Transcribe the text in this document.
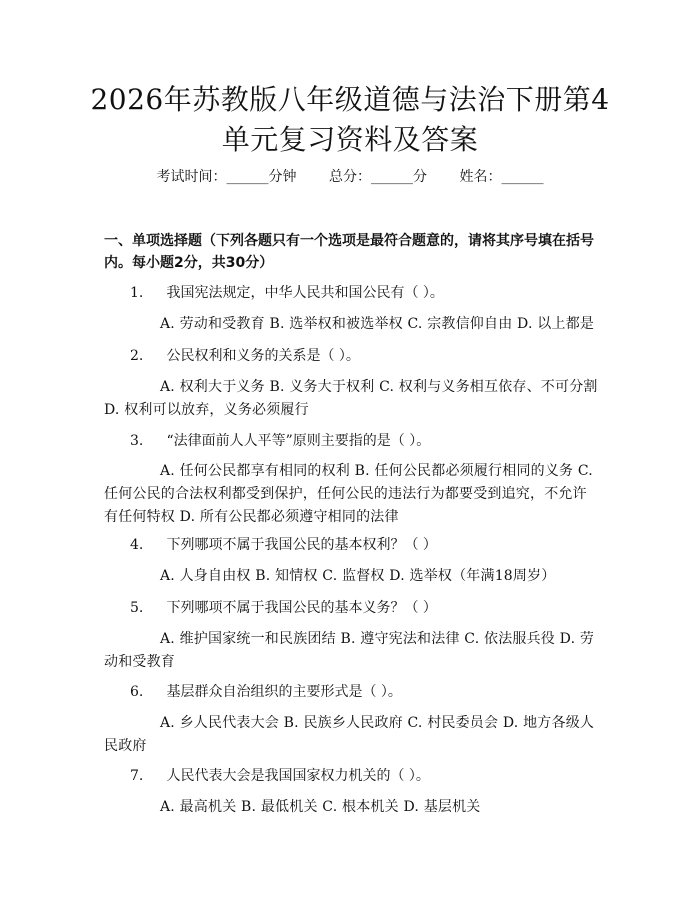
2026年苏教版八年级道德与法治下册第4单元复习资料及答案
考试时间：______分钟 总分：______分 姓名：______
一、单项选择题（下列各题只有一个选项是最符合题意的，请将其序号填在括号内。每小题2分，共30分）
1. 我国宪法规定，中华人民共和国公民有（ ）。
A. 劳动和受教育 B. 选举权和被选举权 C. 宗教信仰自由 D. 以上都是
2. 公民权利和义务的关系是（ ）。
A. 权利大于义务 B. 义务大于权利 C. 权利与义务相互依存、不可分割 D. 权利可以放弃，义务必须履行
3. “法律面前人人平等”原则主要指的是（ ）。
A. 任何公民都享有相同的权利 B. 任何公民都必须履行相同的义务 C. 任何公民的合法权利都受到保护，任何公民的违法行为都要受到追究，不允许有任何特权 D. 所有公民都必须遵守相同的法律
4. 下列哪项不属于我国公民的基本权利？（ ）
A. 人身自由权 B. 知情权 C. 监督权 D. 选举权（年满18周岁）
5. 下列哪项不属于我国公民的基本义务？（ ）
A. 维护国家统一和民族团结 B. 遵守宪法和法律 C. 依法服兵役 D. 劳动和受教育
6. 基层群众自治组织的主要形式是（ ）。
A. 乡人民代表大会 B. 民族乡人民政府 C. 村民委员会 D. 地方各级人民政府
7. 人民代表大会是我国国家权力机关的（ ）。
A. 最高机关 B. 最低机关 C. 根本机关 D. 基层机关
